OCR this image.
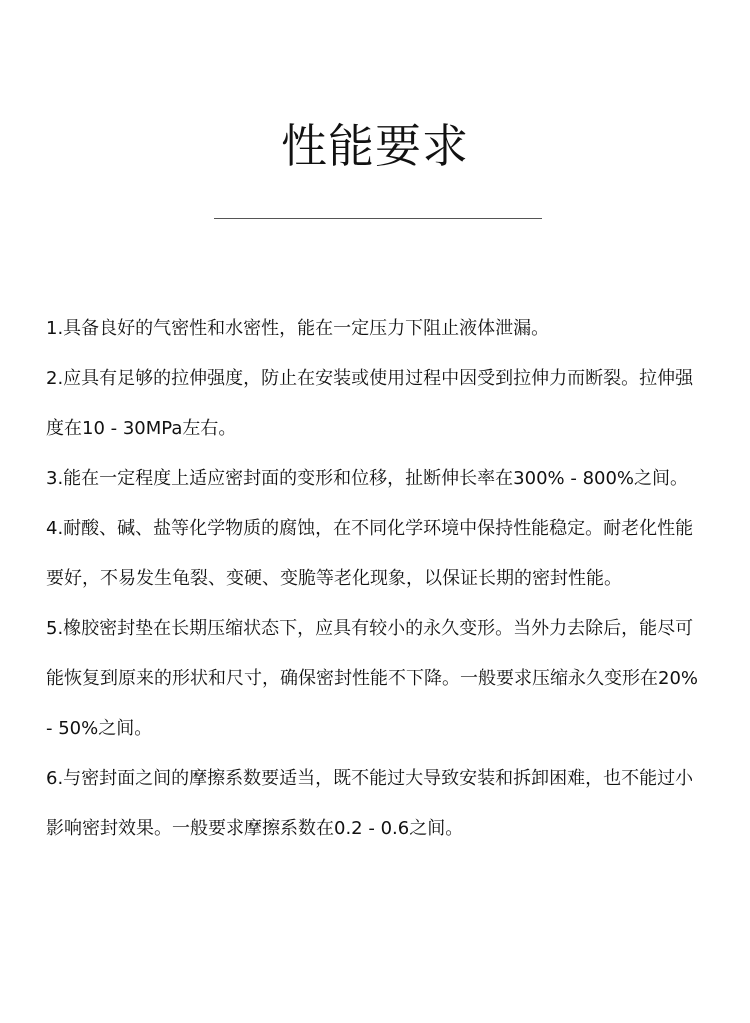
性能要求

1.具备良好的气密性和水密性，能在一定压力下阻止液体泄漏。

2.应具有足够的拉伸强度，防止在安装或使用过程中因受到拉伸力而断裂。拉伸强度在10 - 30MPa左右。

3.能在一定程度上适应密封面的变形和位移，扯断伸长率在300% - 800%之间。

4.耐酸、碱、盐等化学物质的腐蚀，在不同化学环境中保持性能稳定。耐老化性能要好，不易发生龟裂、变硬、变脆等老化现象，以保证长期的密封性能。

5.橡胶密封垫在长期压缩状态下，应具有较小的永久变形。当外力去除后，能尽可能恢复到原来的形状和尺寸，确保密封性能不下降。一般要求压缩永久变形在20% - 50%之间。

6.与密封面之间的摩擦系数要适当，既不能过大导致安装和拆卸困难，也不能过小影响密封效果。一般要求摩擦系数在0.2 - 0.6之间。
